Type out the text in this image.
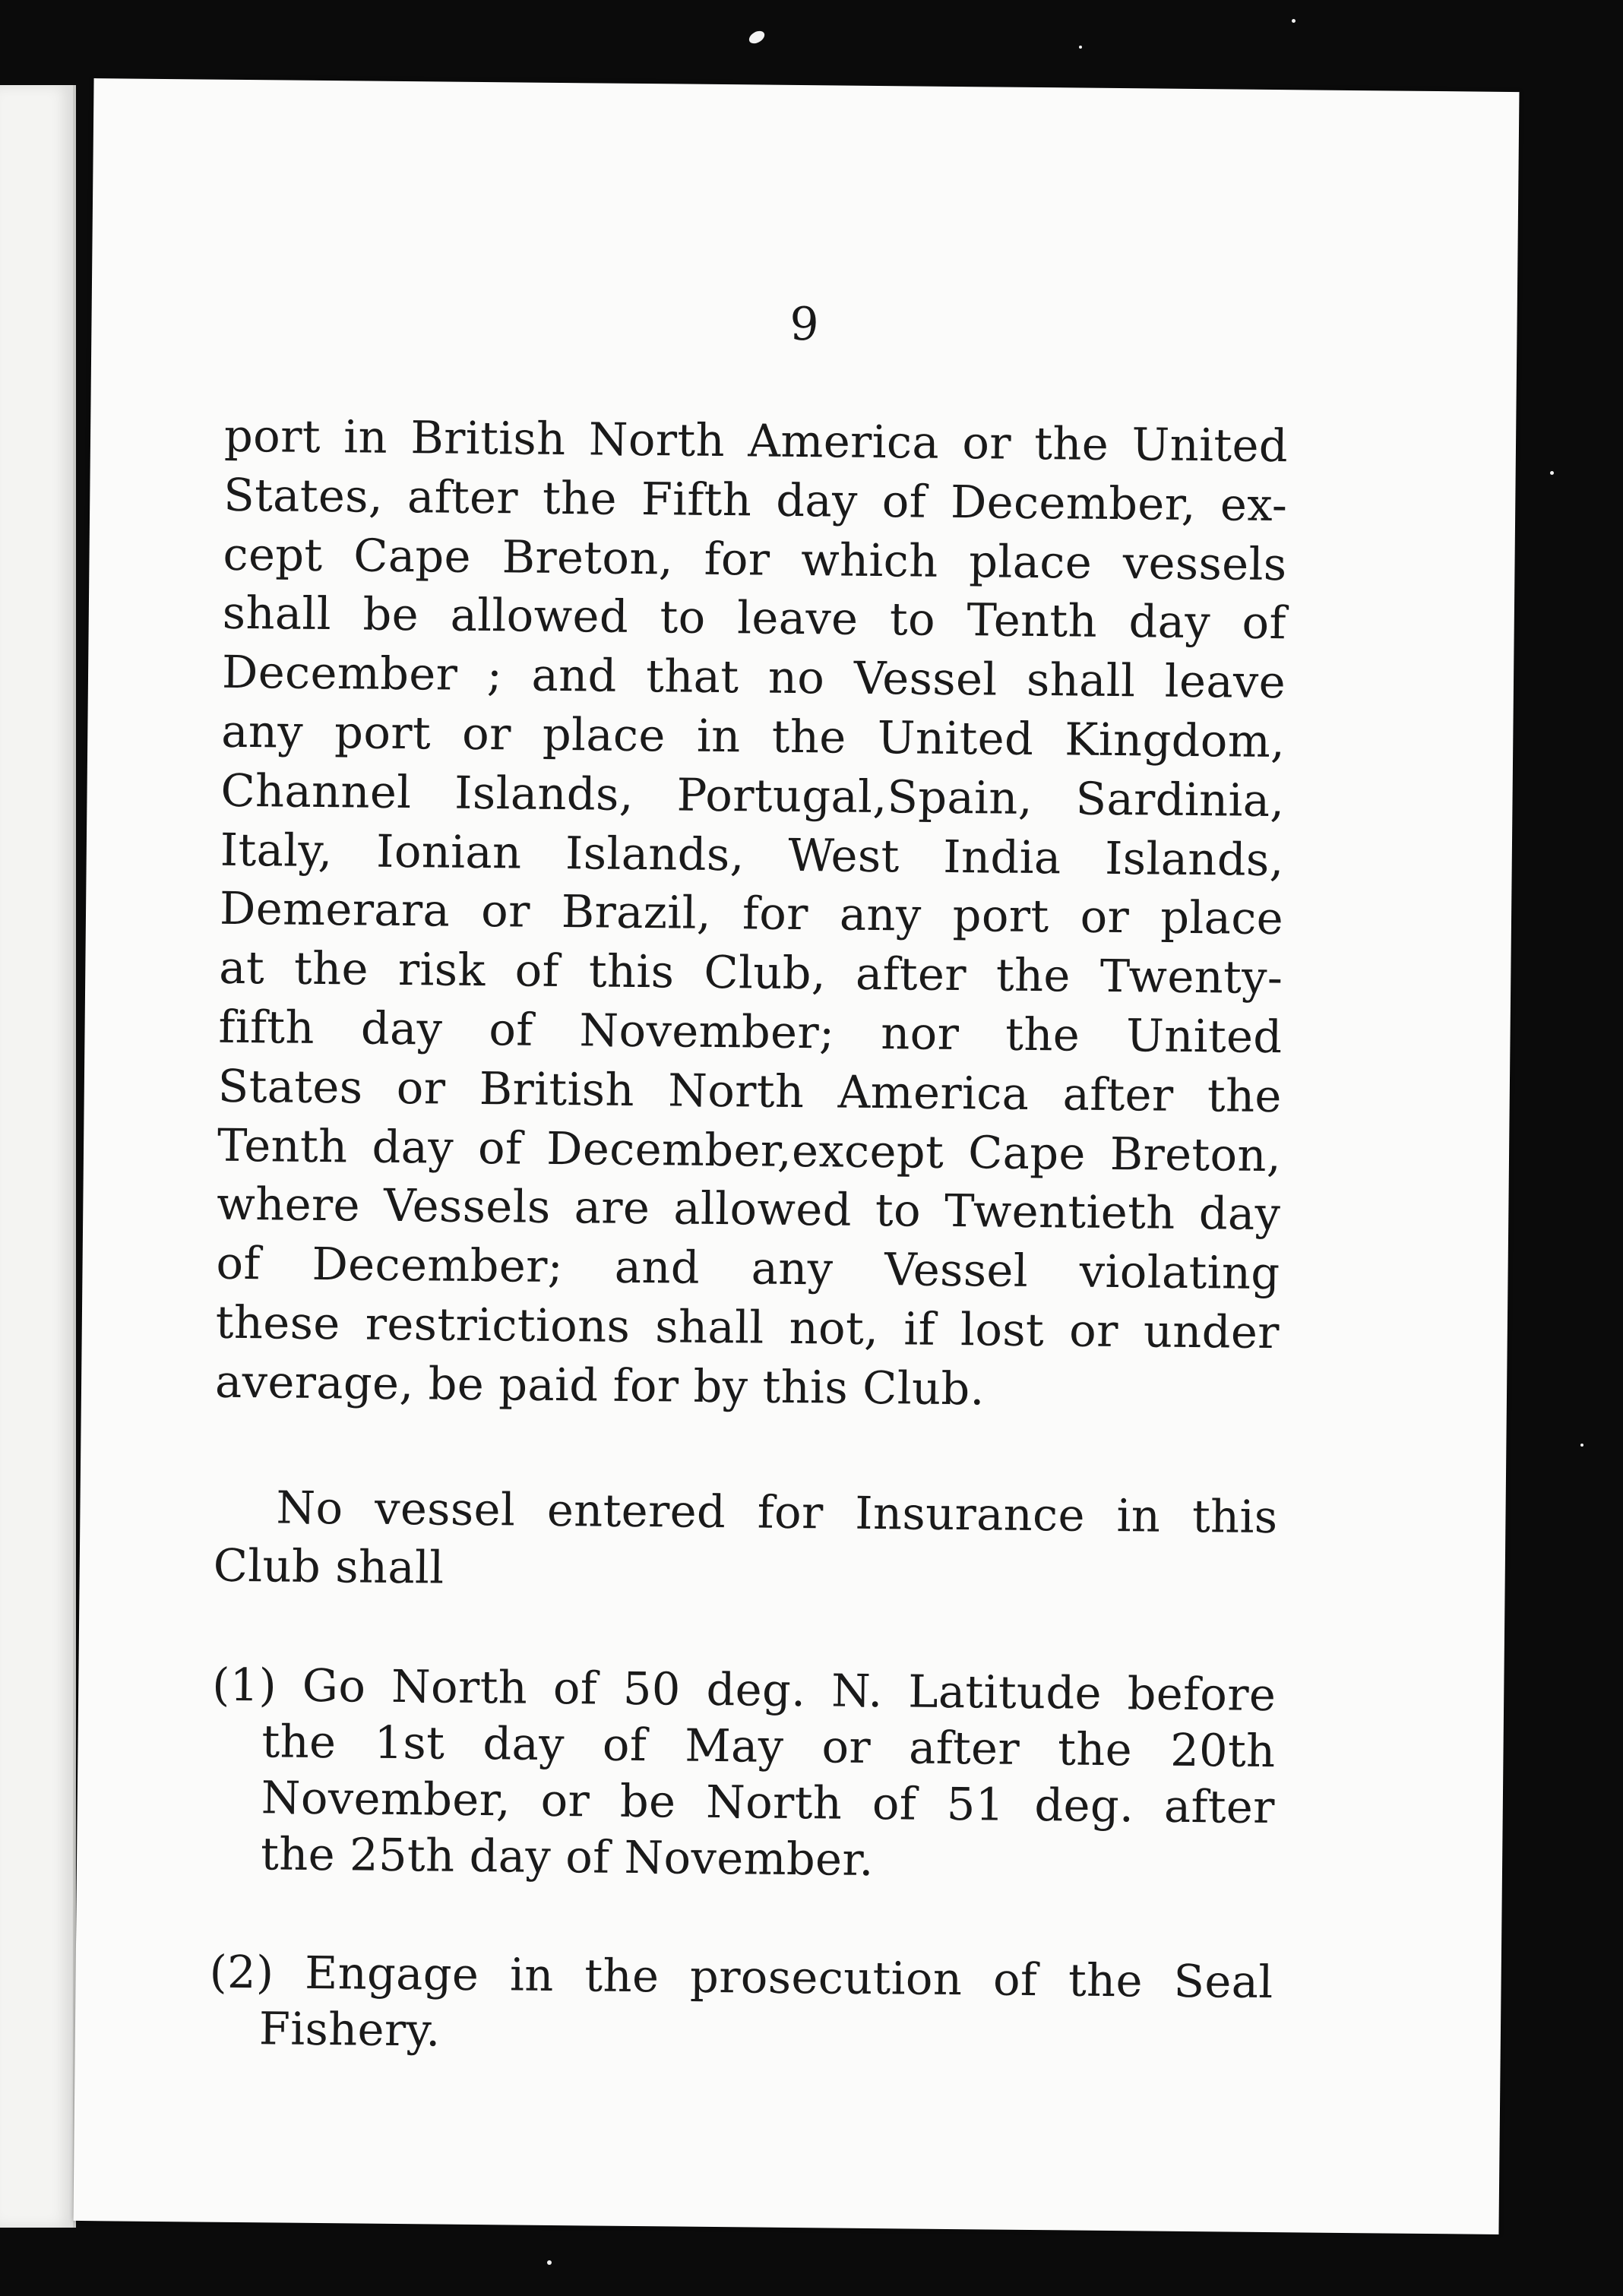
9
port in British North America or the United
States, after the Fifth day of December, ex-
cept Cape Breton, for which place vessels
shall be allowed to leave to Tenth day of
December ; and that no Vessel shall leave
any port or place in the United Kingdom,
Channel Islands, Portugal,Spain, Sardinia,
Italy, Ionian Islands, West India Islands,
Demerara or Brazil, for any port or place
at the risk of this Club, after the Twenty-
fifth day of November; nor the United
States or British North America after the
Tenth day of December,except Cape Breton,
where Vessels are allowed to Twentieth day
of December; and any Vessel violating
these restrictions shall not, if lost or under
average, be paid for by this Club.
No vessel entered for Insurance in this
Club shall
(1) Go North of 50 deg. N. Latitude before
the 1st day of May or after the 20th
November, or be North of 51 deg. after
the 25th day of November.
(2) Engage in the prosecution of the Seal
Fishery.
